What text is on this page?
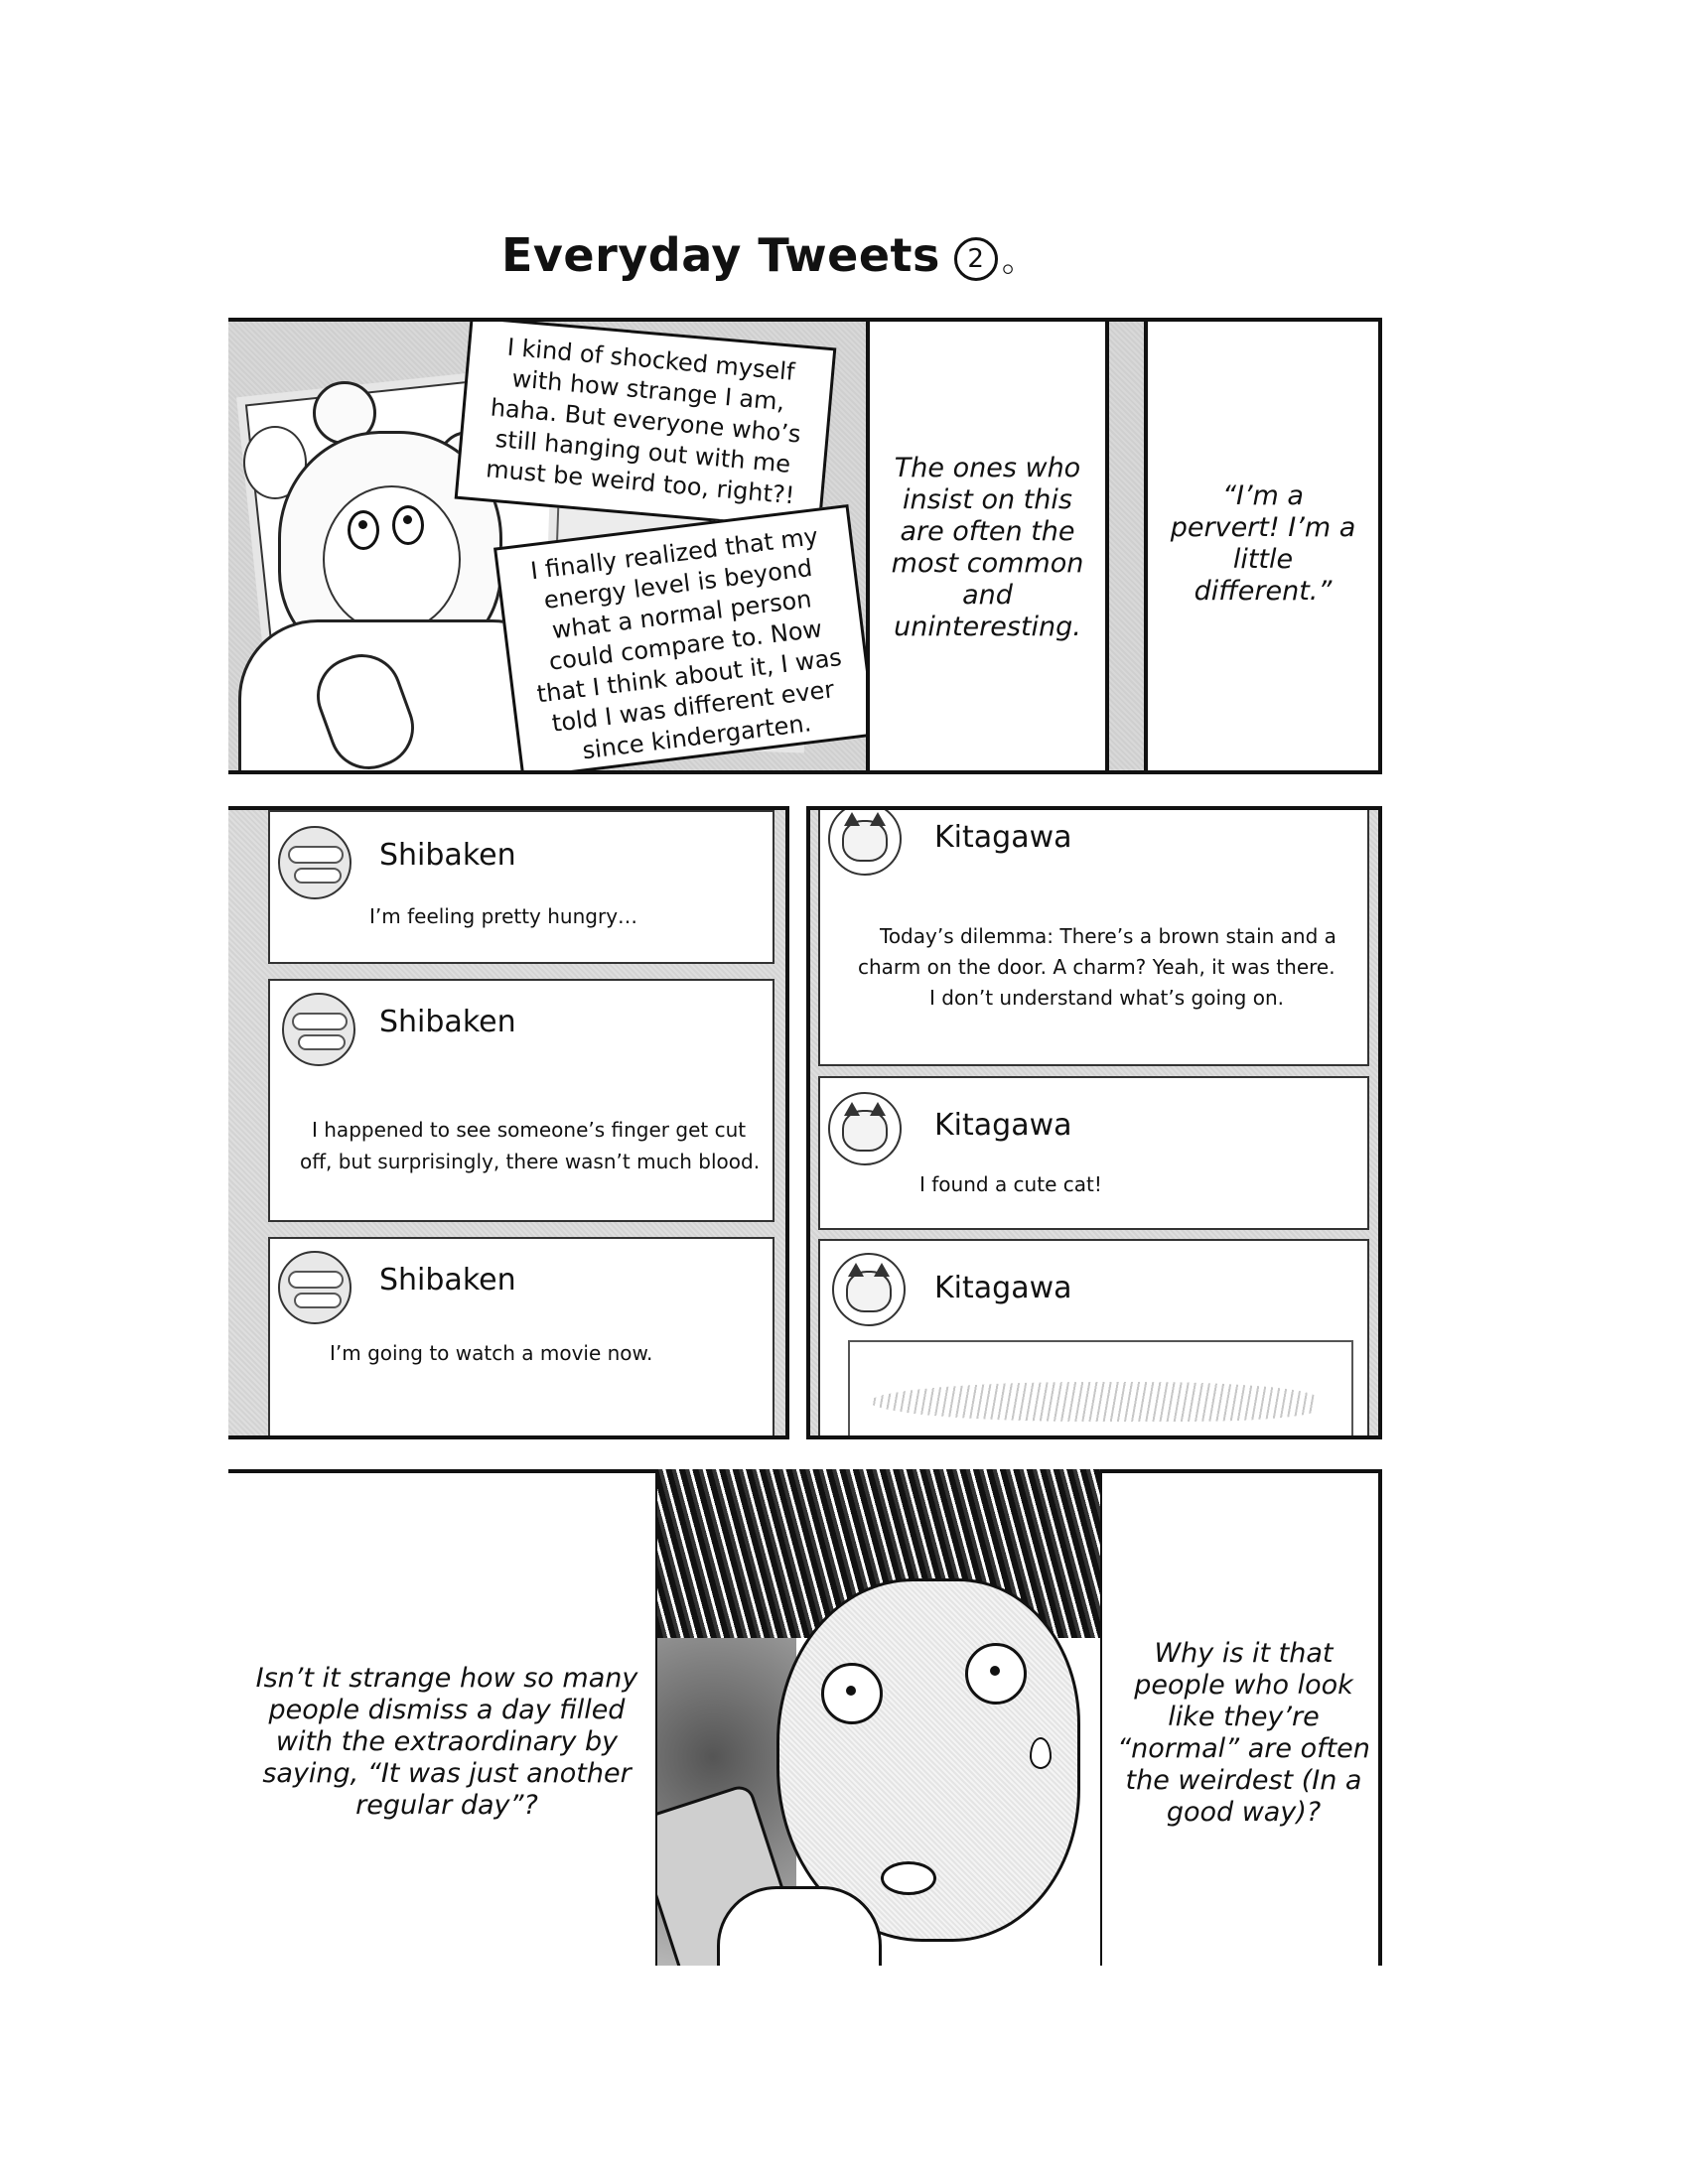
Everyday Tweets 2 。
I kind of shocked myself with how strange I am, haha. But everyone who’s still hanging out with me must be weird too, right?!
I finally realized that my energy level is beyond what a normal person could compare to. Now that I think about it, I was told I was different ever since kindergarten.
The ones who insist on this are often the most common and uninteresting.
“I’m a pervert! I’m a little different.”
Shibaken
I’m feeling pretty hungry…
Shibaken
I happened to see someone’s finger get cut
off, but surprisingly, there wasn’t much blood.
Shibaken
I’m going to watch a movie now.
Kitagawa
Today’s dilemma: There’s a brown stain and a
charm on the door. A charm? Yeah, it was there.
I don’t understand what’s going on.
Kitagawa
I found a cute cat!
Kitagawa
Isn’t it strange how so many people dismiss a day filled with the extraordinary by saying, “It was just another regular day”?
Why is it that people who look like they’re “normal” are often the weirdest (In a good way)?
